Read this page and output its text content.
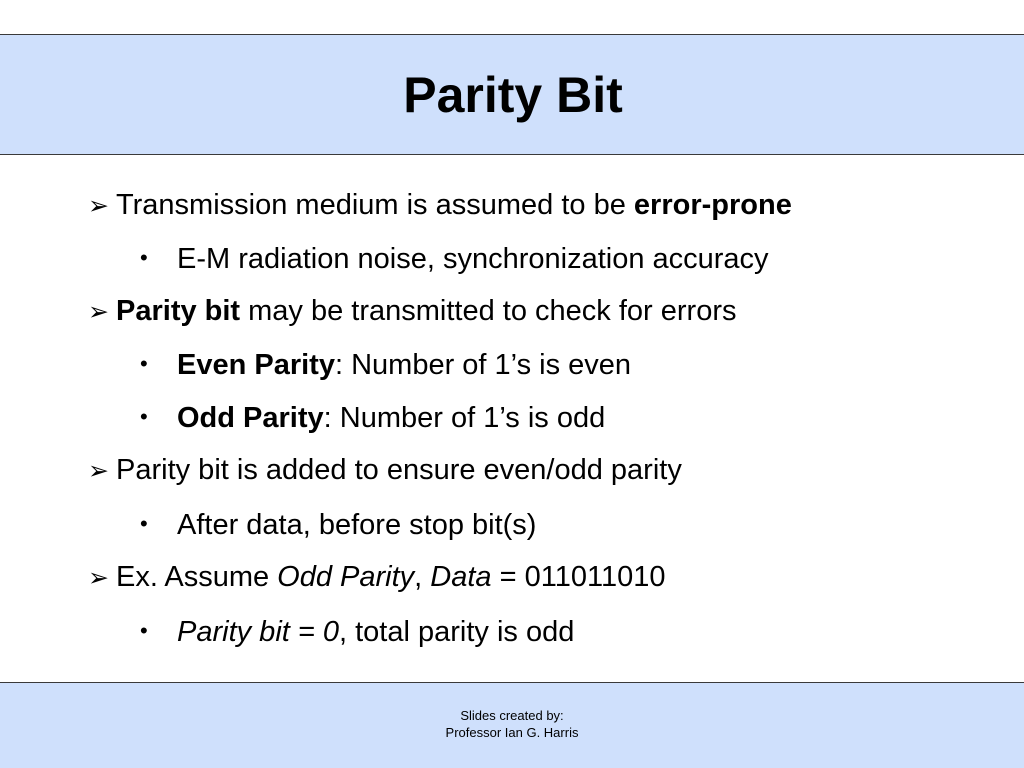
Parity Bit
➢ Transmission medium is assumed to be error-prone
• E-M radiation noise, synchronization accuracy
➢ Parity bit may be transmitted to check for errors
• Even Parity: Number of 1’s is even
• Odd Parity: Number of 1’s is odd
➢ Parity bit is added to ensure even/odd parity
• After data, before stop bit(s)
➢ Ex. Assume Odd Parity, Data = 011011010
• Parity bit = 0, total parity is odd
Slides created by:
Professor Ian G. Harris
